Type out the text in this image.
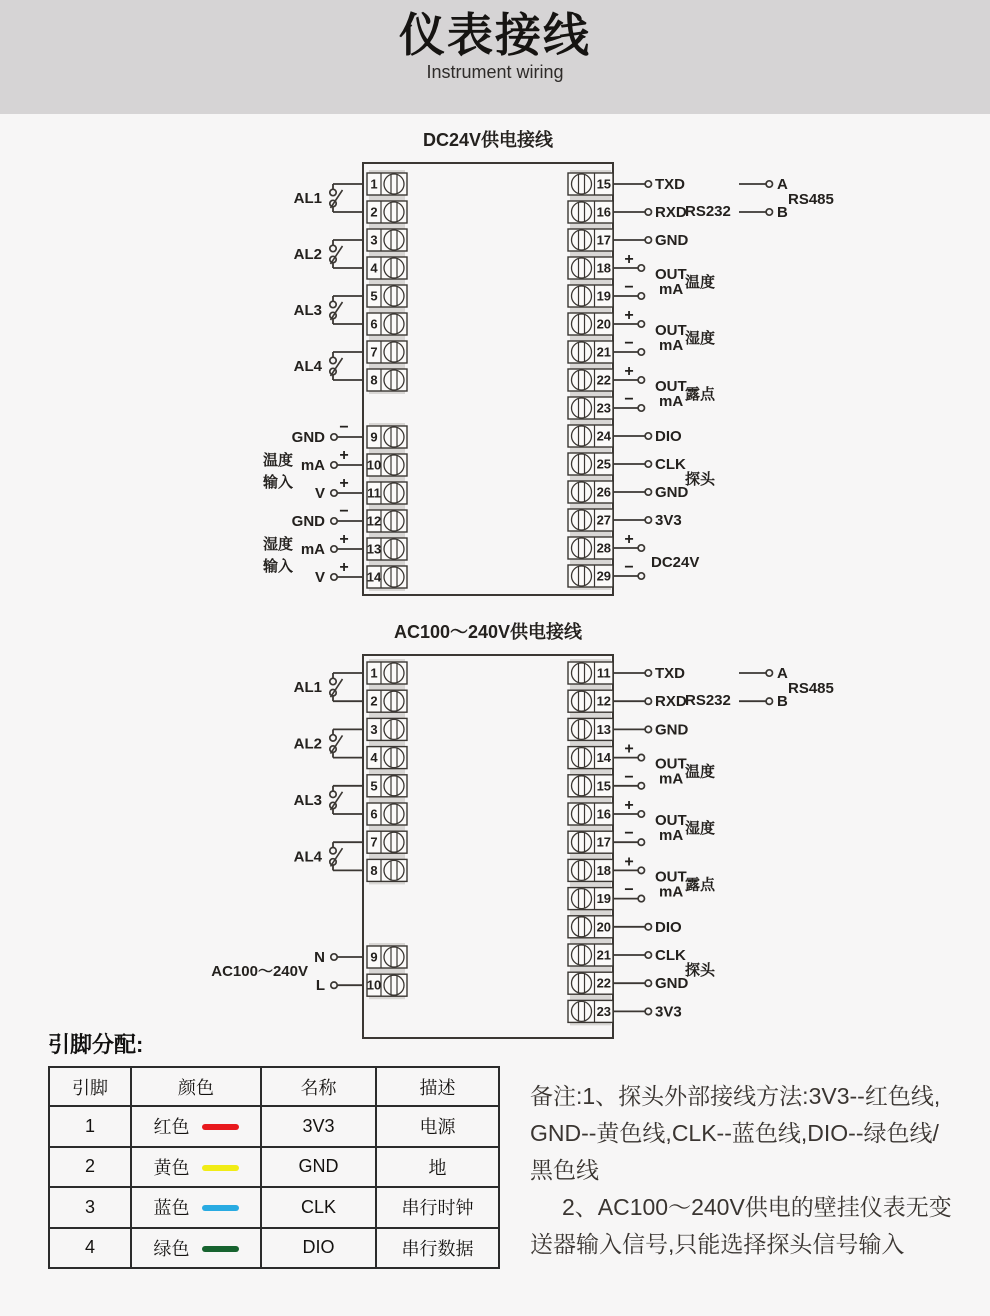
仪表接线
Instrument wiring
DC24V供电接线
1
2
3
4
5
6
7
8
9
10
11
12
13
14
15
16
17
18
19
20
21
22
23
24
25
26
27
28
29
AL1
AL2
AL3
AL4
−
GND
+
mA
+
V
−
GND
+
mA
+
V
温度
输入
湿度
输入
TXD
RXD
RS232
GND
+
−
OUT
mA 温度
+
−
OUT
mA 湿度
+
−
OUT
mA 露点
DIO
CLK
GND
探头
3V3
+
− DC24V
A
B
RS485
AC100～240V供电接线
1
2
3
4
5
6
7
8
9
10
11
12
13
14
15
16
17
18
19
20
21
22
23
AL1
AL2
AL3
AL4
N
L
AC100～240V
TXD
RXD
RS232
GND
+
−
OUT
mA 温度
+
−
OUT
mA 湿度
+
−
OUT
mA 露点
DIO
CLK
GND
探头
3V3
A
B
RS485
引脚分配:
引脚	颜色	名称	描述
1	红色	3V3	电源
2	黄色	GND	地
3	蓝色	CLK	串行时钟
4	绿色	DIO	串行数据
备注:1、探头外部接线方法:3V3--红色线,
GND--黄色线,CLK--蓝色线,DIO--绿色线/
黑色线
2、AC100～240V供电的壁挂仪表无变
送器输入信号,只能选择探头信号输入
